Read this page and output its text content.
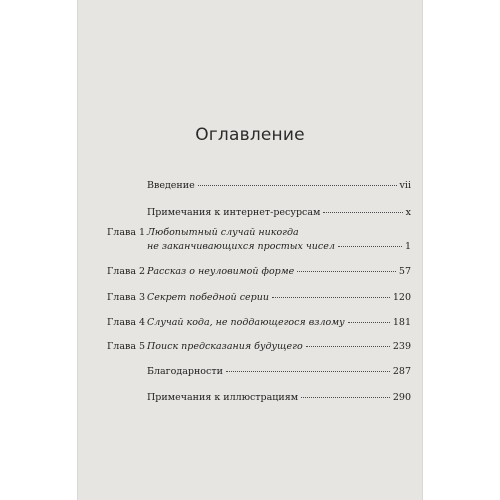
Оглавление
Введение	vii
Примечания к интернет-ресурсам	x
Глава 1 Любопытный случай никогда
не заканчивающихся простых чисел	1
Глава 2 Рассказ о неуловимой форме	57
Глава 3 Секрет победной серии	120
Глава 4 Случай кода, не поддающегося взлому	181
Глава 5 Поиск предсказания будущего	239
Благодарности	287
Примечания к иллюстрациям	290
